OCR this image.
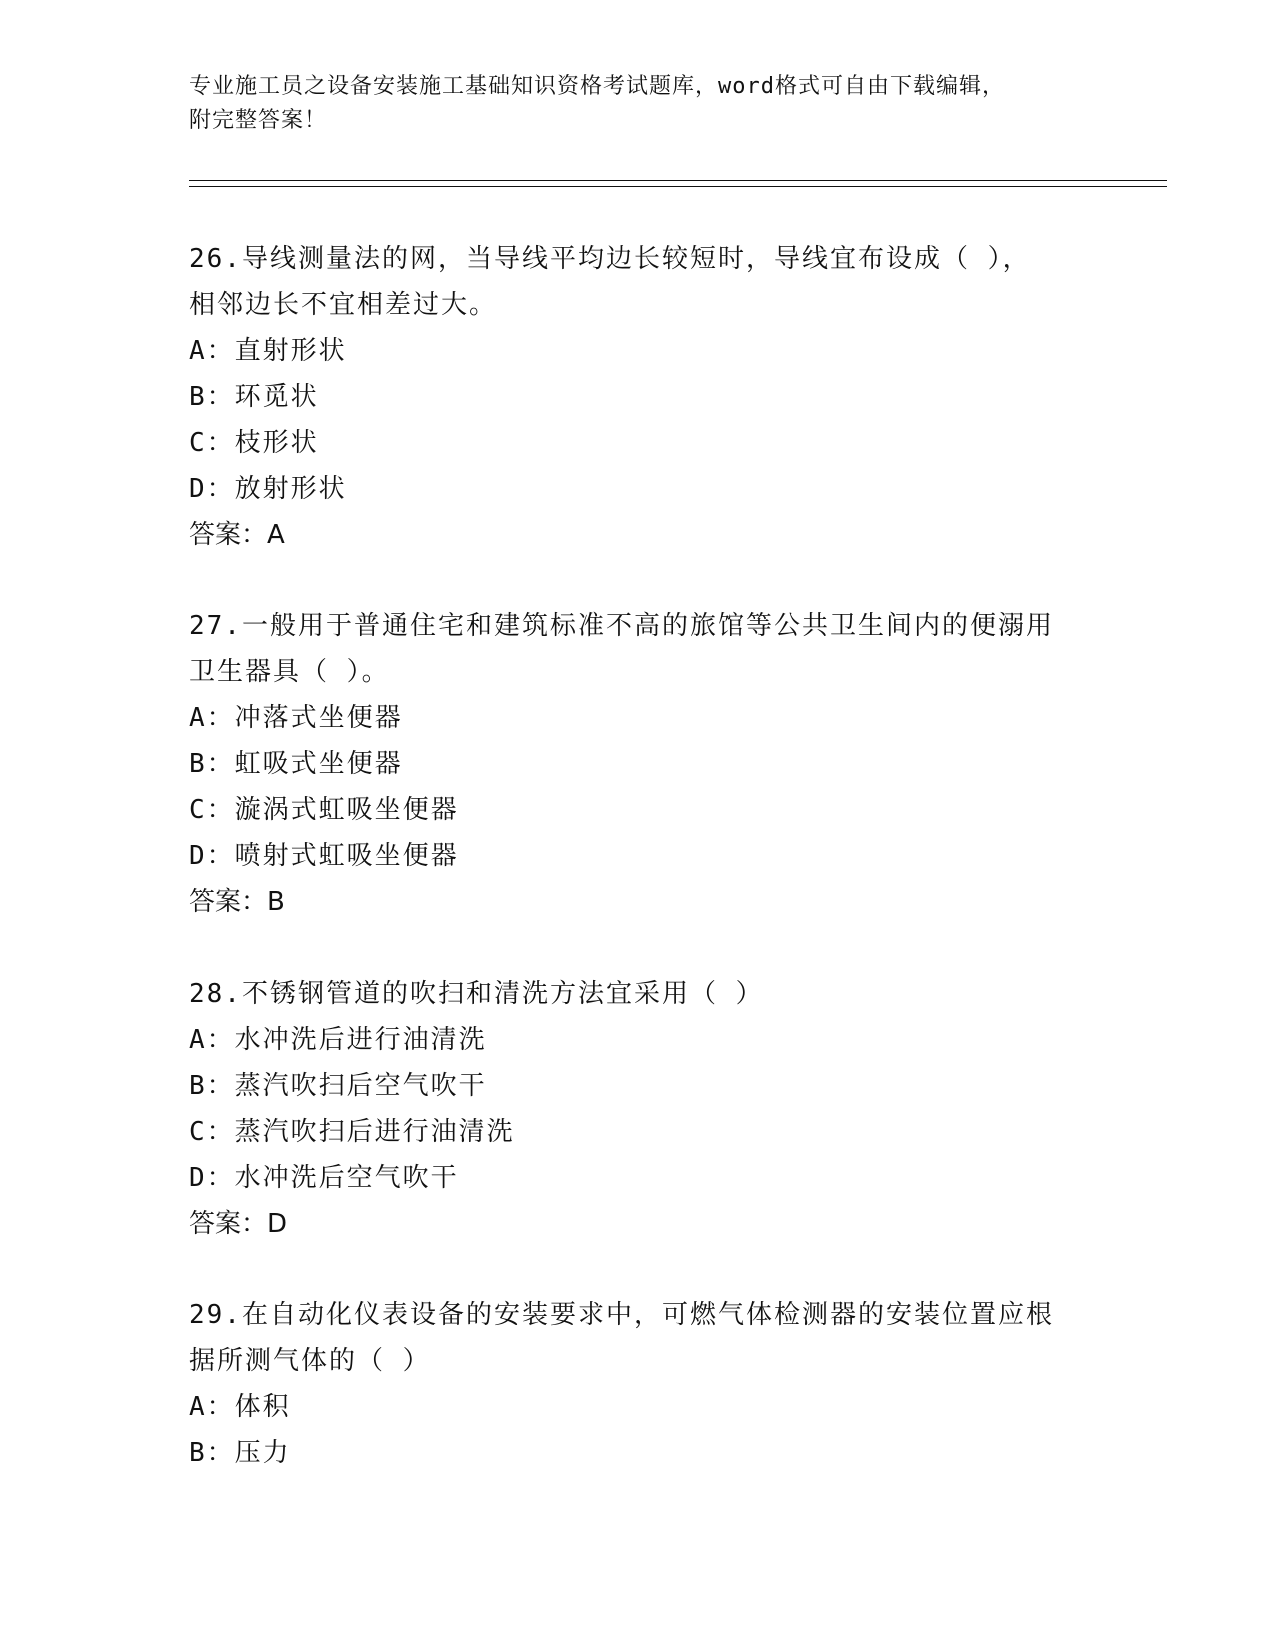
专业施工员之设备安装施工基础知识资格考试题库，word格式可自由下载编辑，
附完整答案！

26.导线测量法的网，当导线平均边长较短时，导线宜布设成（ ），

相邻边长不宜相差过大。

A：直射形状

B：环觅状

C：枝形状

D：放射形状

答案：A

27.一般用于普通住宅和建筑标准不高的旅馆等公共卫生间内的便溺用

卫生器具（ ）。

A：冲落式坐便器

B：虹吸式坐便器

C：漩涡式虹吸坐便器

D：喷射式虹吸坐便器

答案：B

28.不锈钢管道的吹扫和清洗方法宜采用（ ）

A：水冲洗后进行油清洗

B：蒸汽吹扫后空气吹干

C：蒸汽吹扫后进行油清洗

D：水冲洗后空气吹干

答案：D

29.在自动化仪表设备的安装要求中，可燃气体检测器的安装位置应根

据所测气体的（ ）

A：体积

B：压力
